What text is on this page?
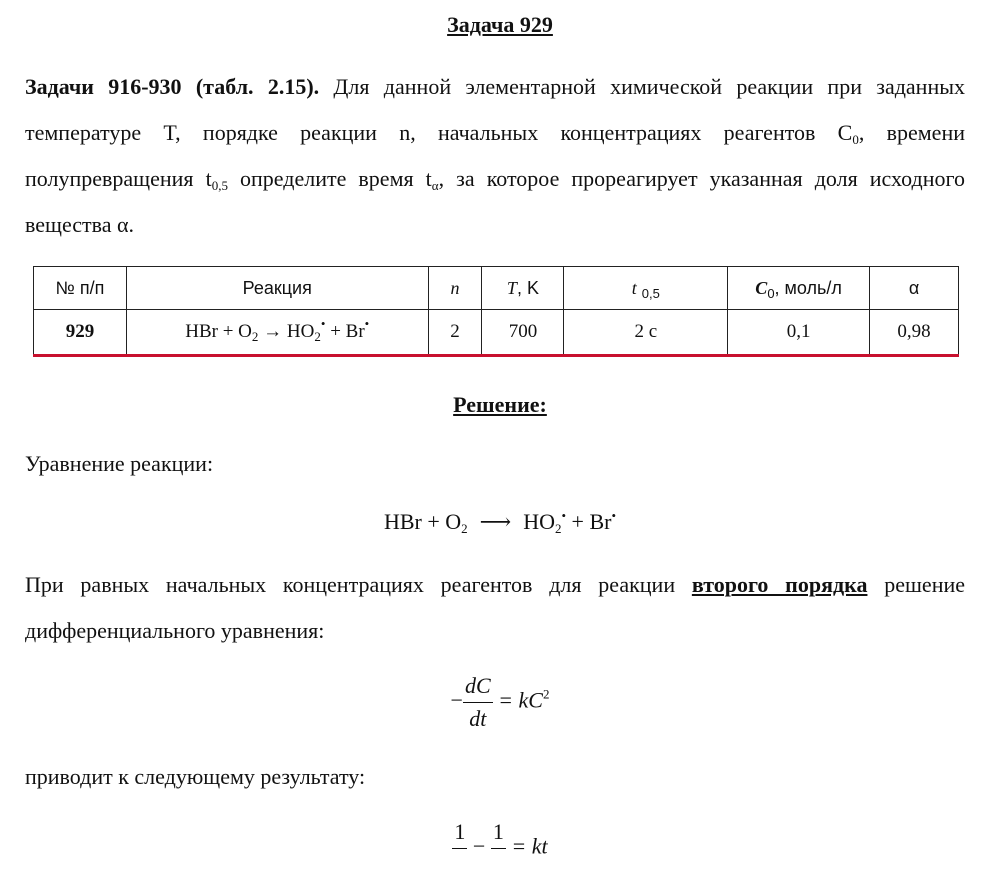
Задача 929
Задачи 916-930 (табл. 2.15). Для данной элементарной химической реакции при заданных температуре T, порядке реакции n, начальных концентрациях реагентов $C_0$, времени полупревращения $t_{0,5}$ определите время $t_\alpha$, за которое прореагирует указанная доля исходного вещества α.
№ п/п	Реакция	n	T, K	t $_{0,5}$	$C_0$, моль/л	α
929	HBr + $O_2 \to HO_2^• + Br^•$	2	700	2 c	0,1	0,98
Решение:
Уравнение реакции:
HBr + $O_2$ ⟶ $HO_2^• + Br^•$
При равных начальных концентрациях реагентов для реакции второго порядка решение дифференциального уравнения:
− $\frac{dC}{dt} = kC^2$
приводит к следующему результату:
1

−
1

= kt
